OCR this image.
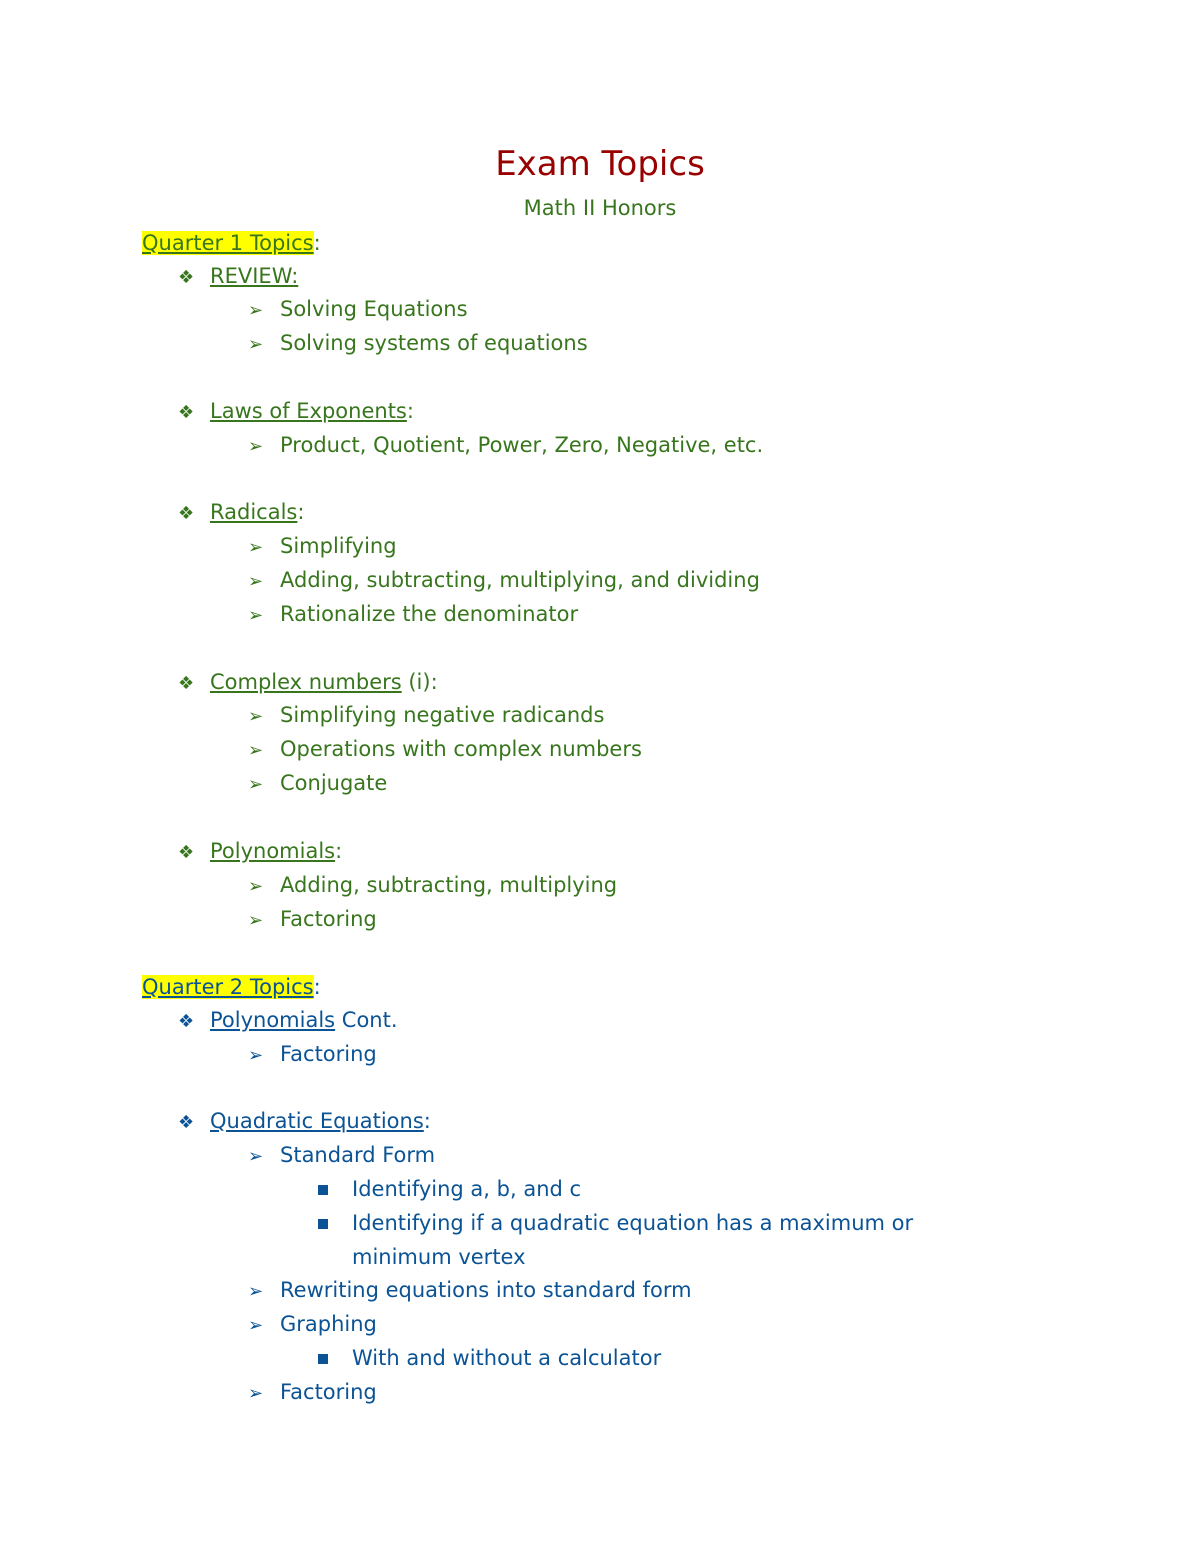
Exam Topics
Math II Honors
Quarter 1 Topics:
❖ REVIEW:
➢ Solving Equations
➢ Solving systems of equations
❖ Laws of Exponents:
➢ Product, Quotient, Power, Zero, Negative, etc.
❖ Radicals:
➢ Simplifying
➢ Adding, subtracting, multiplying, and dividing
➢ Rationalize the denominator
❖ Complex numbers (i):
➢ Simplifying negative radicands
➢ Operations with complex numbers
➢ Conjugate
❖ Polynomials:
➢ Adding, subtracting, multiplying
➢ Factoring
Quarter 2 Topics:
❖ Polynomials Cont.
➢ Factoring
❖ Quadratic Equations:
➢ Standard Form
Identifying a, b, and c
Identifying if a quadratic equation has a maximum or
minimum vertex
➢ Rewriting equations into standard form
➢ Graphing
With and without a calculator
➢ Factoring
